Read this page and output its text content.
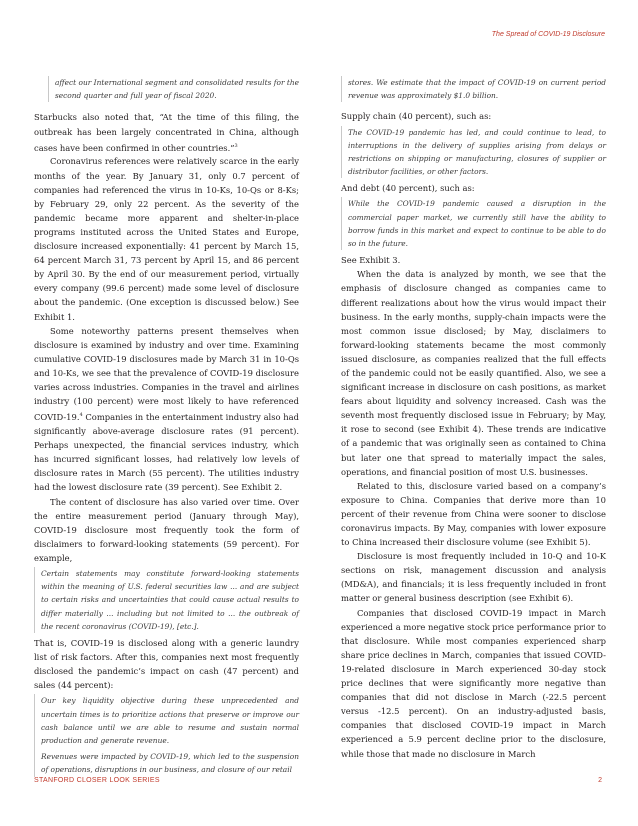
The Spread of COVID-19 Disclosure

affect our International segment and consolidated results for the second quarter and full year of fiscal 2020.

Starbucks also noted that, “At the time of this filing, the outbreak has been largely concentrated in China, although cases have been confirmed in other countries.”$^3$

Coronavirus references were relatively scarce in the early months of the year. By January 31, only 0.7 percent of companies had referenced the virus in 10-Ks, 10-Qs or 8-Ks; by February 29, only 22 percent. As the severity of the pandemic became more apparent and shelter-in-place programs instituted across the United States and Europe, disclosure increased exponentially: 41 percent by March 15, 64 percent March 31, 73 percent by April 15, and 86 percent by April 30. By the end of our measurement period, virtually every company (99.6 percent) made some level of disclosure about the pandemic. (One exception is discussed below.) See Exhibit 1.

Some noteworthy patterns present themselves when disclosure is examined by industry and over time. Examining cumulative COVID-19 disclosures made by March 31 in 10-Qs and 10-Ks, we see that the prevalence of COVID-19 disclosure varies across industries. Companies in the travel and airlines industry (100 percent) were most likely to have referenced COVID-19.$^4$ Companies in the entertainment industry also had significantly above-average disclosure rates (91 percent). Perhaps unexpected, the financial services industry, which has incurred significant losses, had relatively low levels of disclosure rates in March (55 percent). The utilities industry had the lowest disclosure rate (39 percent). See Exhibit 2.

The content of disclosure has also varied over time. Over the entire measurement period (January through May), COVID-19 disclosure most frequently took the form of disclaimers to forward-looking statements (59 percent). For example,

Certain statements may constitute forward-looking statements within the meaning of U.S. federal securities law ... and are subject to certain risks and uncertainties that could cause actual results to differ materially ... including but not limited to ... the outbreak of the recent coronavirus (COVID-19), [etc.].

That is, COVID-19 is disclosed along with a generic laundry list of risk factors. After this, companies next most frequently disclosed the pandemic’s impact on cash (47 percent) and sales (44 percent):

Our key liquidity objective during these unprecedented and uncertain times is to prioritize actions that preserve or improve our cash balance until we are able to resume and sustain normal production and generate revenue.

Revenues were impacted by COVID-19, which led to the suspension of operations, disruptions in our business, and closure of our retail

stores. We estimate that the impact of COVID-19 on current period revenue was approximately $1.0 billion.

Supply chain (40 percent), such as:

The COVID-19 pandemic has led, and could continue to lead, to interruptions in the delivery of supplies arising from delays or restrictions on shipping or manufacturing, closures of supplier or distributor facilities, or other factors.

And debt (40 percent), such as:

While the COVID-19 pandemic caused a disruption in the commercial paper market, we currently still have the ability to borrow funds in this market and expect to continue to be able to do so in the future.

See Exhibit 3.

When the data is analyzed by month, we see that the emphasis of disclosure changed as companies came to different realizations about how the virus would impact their business. In the early months, supply-chain impacts were the most common issue disclosed; by May, disclaimers to forward-looking statements became the most commonly issued disclosure, as companies realized that the full effects of the pandemic could not be easily quantified. Also, we see a significant increase in disclosure on cash positions, as market fears about liquidity and solvency increased. Cash was the seventh most frequently disclosed issue in February; by May, it rose to second (see Exhibit 4). These trends are indicative of a pandemic that was originally seen as contained to China but later one that spread to materially impact the sales, operations, and financial position of most U.S. businesses.

Related to this, disclosure varied based on a company’s exposure to China. Companies that derive more than 10 percent of their revenue from China were sooner to disclose coronavirus impacts. By May, companies with lower exposure to China increased their disclosure volume (see Exhibit 5).

Disclosure is most frequently included in 10-Q and 10-K sections on risk, management discussion and analysis (MD&A), and financials; it is less frequently included in front matter or general business description (see Exhibit 6).

Companies that disclosed COVID-19 impact in March experienced a more negative stock price performance prior to that disclosure. While most companies experienced sharp share price declines in March, companies that issued COVID-19-related disclosure in March experienced 30-day stock price declines that were significantly more negative than companies that did not disclose in March (-22.5 percent versus -12.5 percent). On an industry-adjusted basis, companies that disclosed COVID-19 impact in March experienced a 5.9 percent decline prior to the disclosure, while those that made no disclosure in March

STANFORD CLOSER LOOK SERIES	2
